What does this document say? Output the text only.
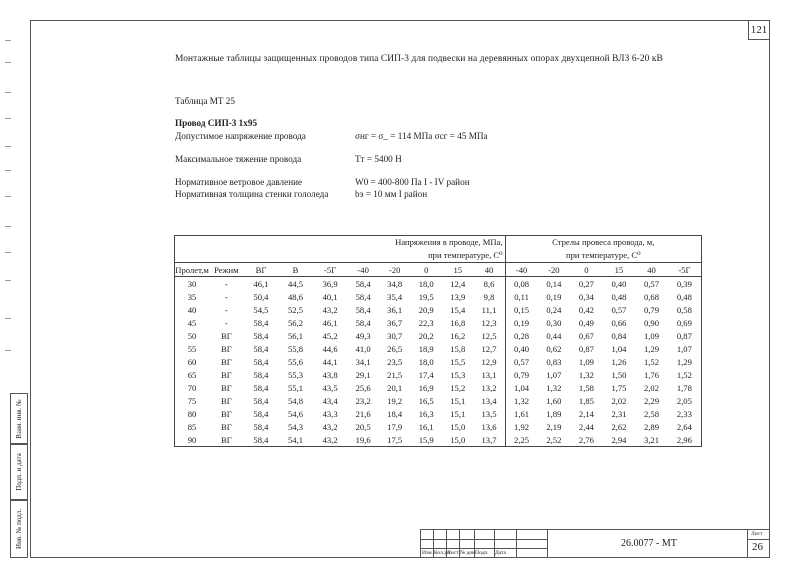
121
Монтажные таблицы защищенных проводов типа СИП-3 для подвески на деревянных опорах двухцепной ВЛЗ 6-20 кВ
Таблица МТ 25
Провод СИП-3 1х95
Допустимое напряжение провода	σнг = σ_ = 114 МПа σсг = 45 МПа
Максимальное тяжение провода	Тт = 5400 Н
Нормативное ветровое давление	W0 = 400-800 Па I - IV район
Нормативная толщина стенки гололеда	bэ = 10 мм I район
Напряжения в проводе, МПа,										Стрелы провеса провода, м,					
при температуре, C⁰										при температуре, C⁰					
Пролет,м	Режим	ВГ	В	-5Г	-40	-20	0	15	40	-40	-20	0	15	40	-5Г
30	-	46,1	44,5	36,9	58,4	34,8	18,0	12,4	8,6	0,08	0,14	0,27	0,40	0,57	0,39
35	-	50,4	48,6	40,1	58,4	35,4	19,5	13,9	9,8	0,11	0,19	0,34	0,48	0,68	0,48
40	-	54,5	52,5	43,2	58,4	36,1	20,9	15,4	11,1	0,15	0,24	0,42	0,57	0,79	0,58
45	-	58,4	56,2	46,1	58,4	36,7	22,3	16,8	12,3	0,19	0,30	0,49	0,66	0,90	0,69
50	ВГ	58,4	56,1	45,2	49,3	30,7	20,2	16,2	12,5	0,28	0,44	0,67	0,84	1,09	0,87
55	ВГ	58,4	55,8	44,6	41,0	26,5	18,9	15,8	12,7	0,40	0,62	0,87	1,04	1,29	1,07
60	ВГ	58,4	55,6	44,1	34,1	23,5	18,0	15,5	12,9	0,57	0,83	1,09	1,26	1,52	1,29
65	ВГ	58,4	55,3	43,8	29,1	21,5	17,4	15,3	13,1	0,79	1,07	1,32	1,50	1,76	1,52
70	ВГ	58,4	55,1	43,5	25,6	20,1	16,9	15,2	13,2	1,04	1,32	1,58	1,75	2,02	1,78
75	ВГ	58,4	54,8	43,4	23,2	19,2	16,5	15,1	13,4	1,32	1,60	1,85	2,02	2,29	2,05
80	ВГ	58,4	54,6	43,3	21,6	18,4	16,3	15,1	13,5	1,61	1,89	2,14	2,31	2,58	2,33
85	ВГ	58,4	54,3	43,2	20,5	17,9	16,1	15,0	13,6	1,92	2,19	2,44	2,62	2,89	2,64
90	ВГ	58,4	54,1	43,2	19,6	17,5	15,9	15,0	13,7	2,25	2,52	2,76	2,94	3,21	2,96
Взам. инв. №
Подп. и дата
Инв. № подл.
Изм. Кол.уч
Лист № док.
Подп. Дата
26.0077 - МТ
Лист
26
